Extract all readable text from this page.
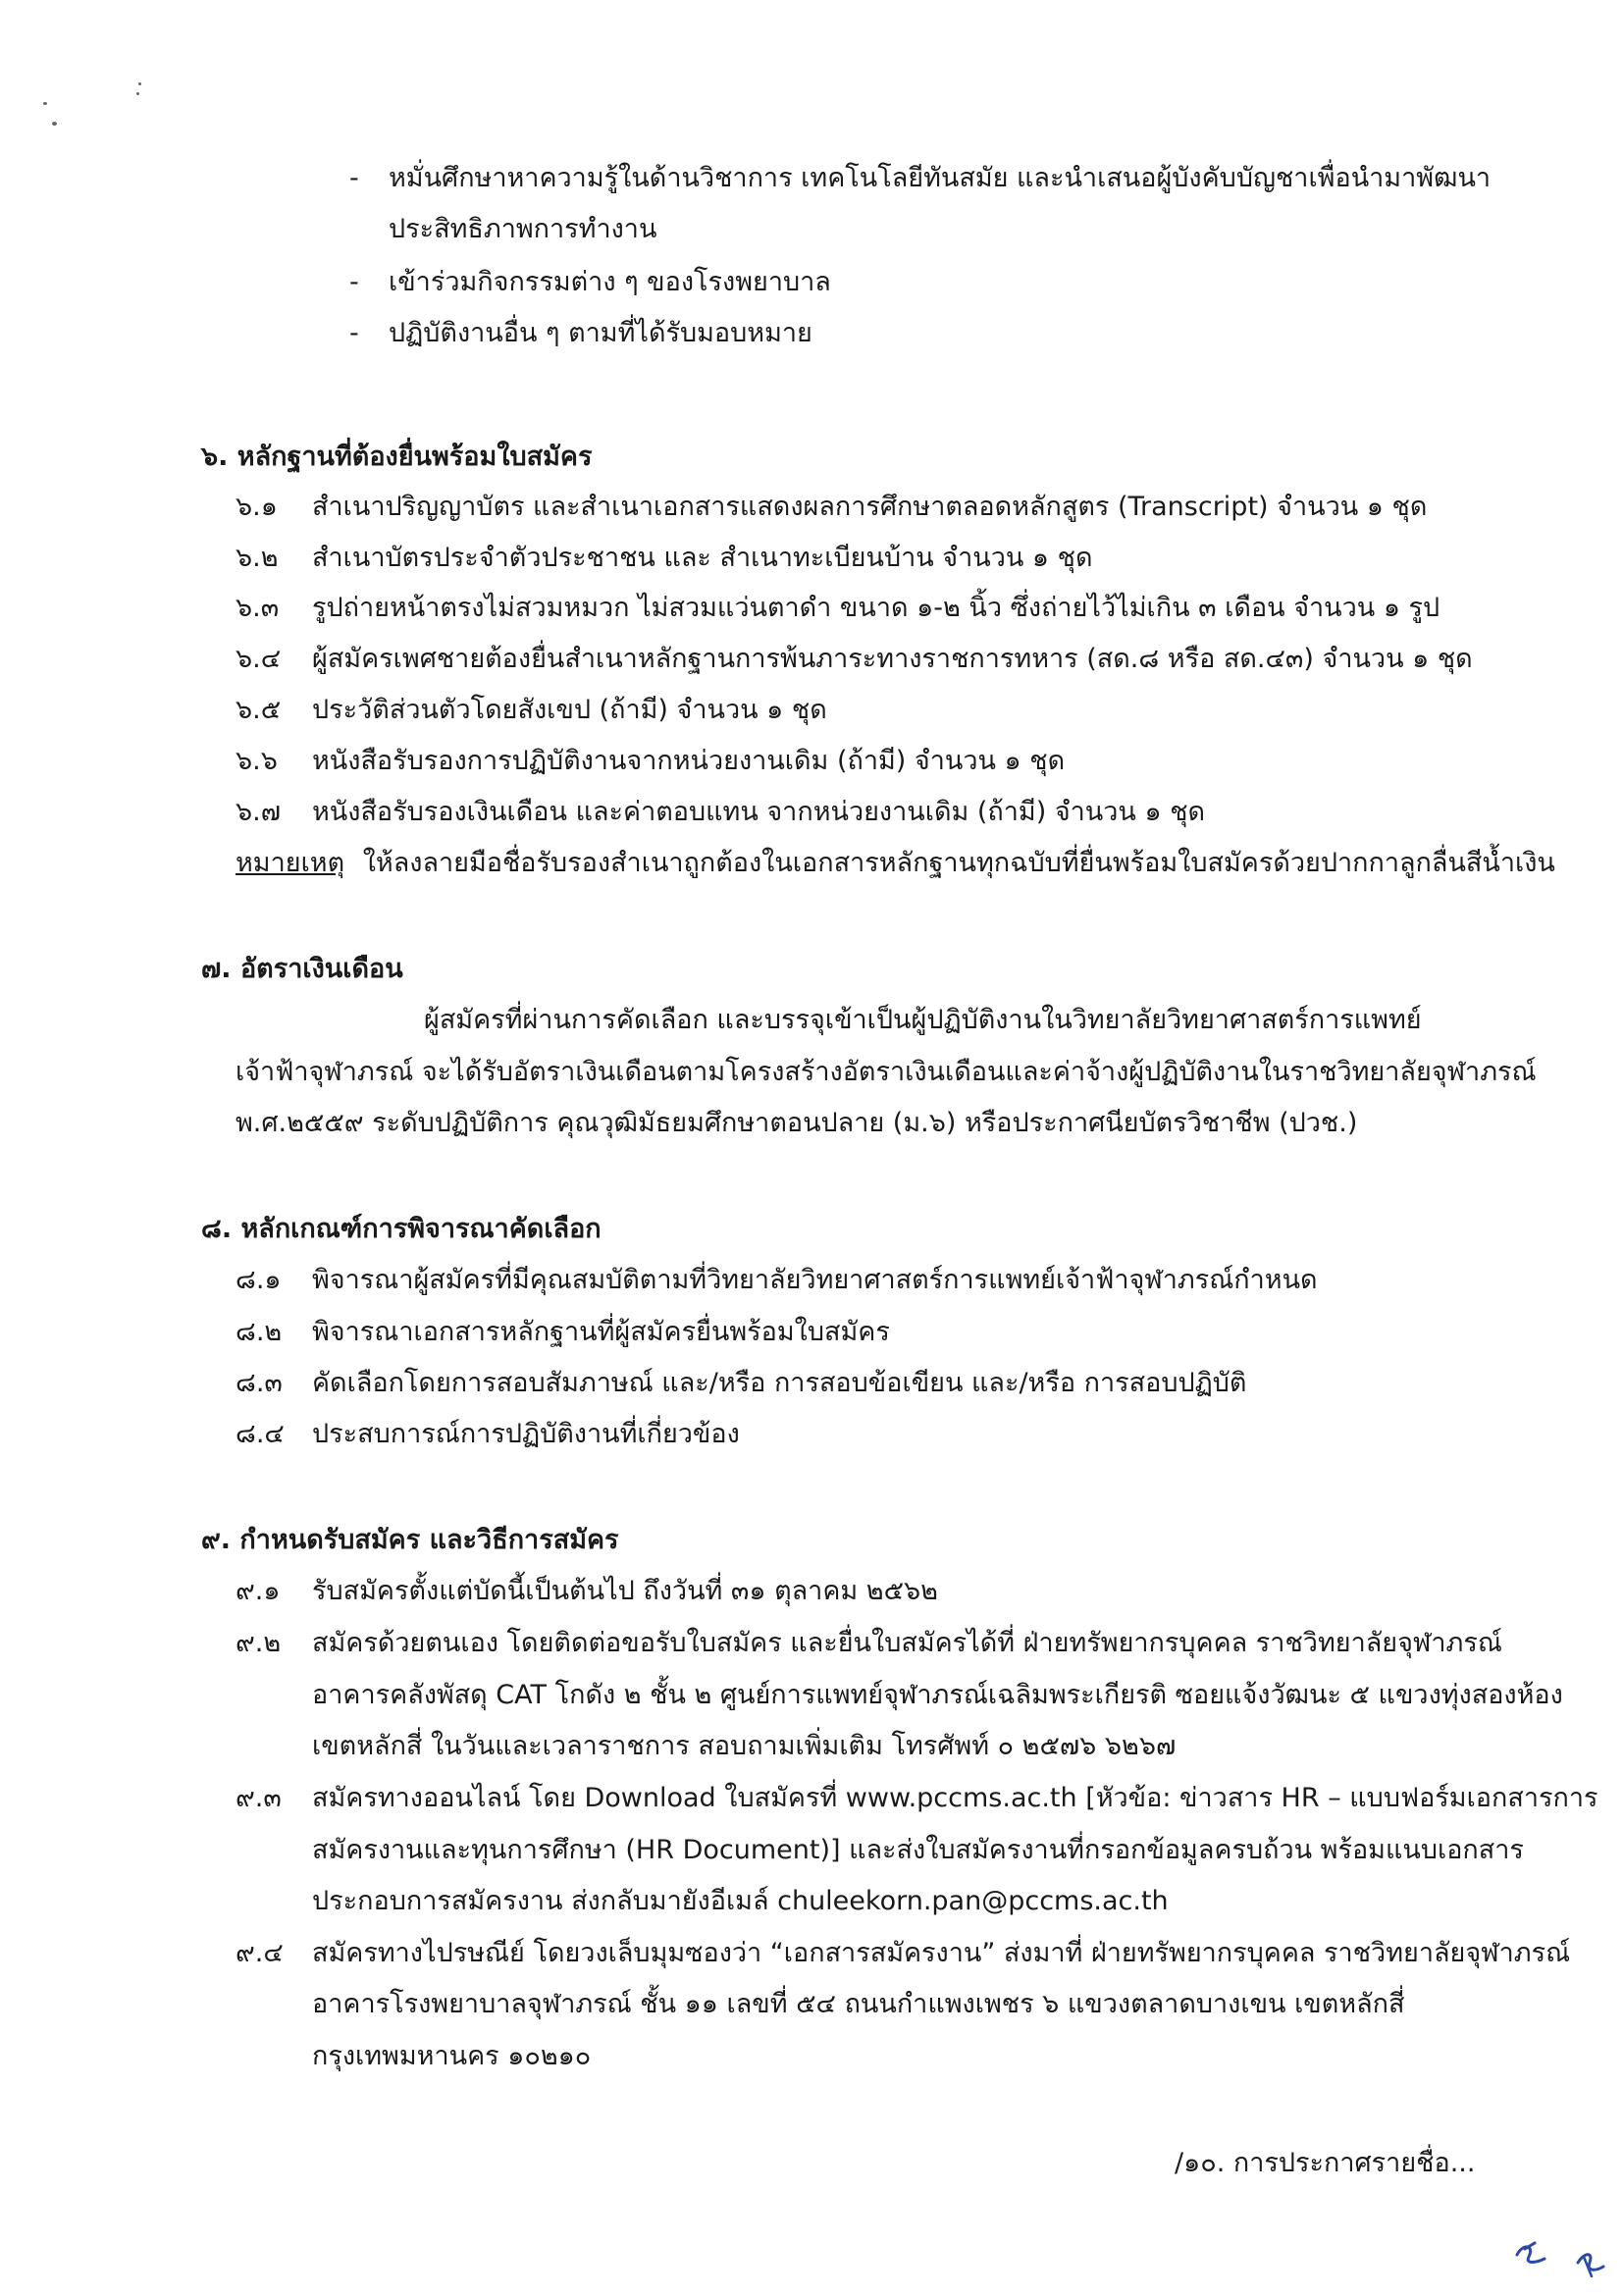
- หมั่นศึกษาหาความรู้ในด้านวิชาการ เทคโนโลยีทันสมัย และนำเสนอผู้บังคับบัญชาเพื่อนำมาพัฒนา
ประสิทธิภาพการทำงาน
- เข้าร่วมกิจกรรมต่าง ๆ ของโรงพยาบาล
- ปฏิบัติงานอื่น ๆ ตามที่ได้รับมอบหมาย
๖. หลักฐานที่ต้องยื่นพร้อมใบสมัคร
๖.๑ สำเนาปริญญาบัตร และสำเนาเอกสารแสดงผลการศึกษาตลอดหลักสูตร (Transcript) จำนวน ๑ ชุด
๖.๒ สำเนาบัตรประจำตัวประชาชน และ สำเนาทะเบียนบ้าน จำนวน ๑ ชุด
๖.๓ รูปถ่ายหน้าตรงไม่สวมหมวก ไม่สวมแว่นตาดำ ขนาด ๑-๒ นิ้ว ซึ่งถ่ายไว้ไม่เกิน ๓ เดือน จำนวน ๑ รูป
๖.๔ ผู้สมัครเพศชายต้องยื่นสำเนาหลักฐานการพ้นภาระทางราชการทหาร (สด.๘ หรือ สด.๔๓) จำนวน ๑ ชุด
๖.๕ ประวัติส่วนตัวโดยสังเขป (ถ้ามี) จำนวน ๑ ชุด
๖.๖ หนังสือรับรองการปฏิบัติงานจากหน่วยงานเดิม (ถ้ามี) จำนวน ๑ ชุด
๖.๗ หนังสือรับรองเงินเดือน และค่าตอบแทน จากหน่วยงานเดิม (ถ้ามี) จำนวน ๑ ชุด
หมายเหตุ ให้ลงลายมือชื่อรับรองสำเนาถูกต้องในเอกสารหลักฐานทุกฉบับที่ยื่นพร้อมใบสมัครด้วยปากกาลูกลื่นสีน้ำเงิน
๗. อัตราเงินเดือน
ผู้สมัครที่ผ่านการคัดเลือก และบรรจุเข้าเป็นผู้ปฏิบัติงานในวิทยาลัยวิทยาศาสตร์การแพทย์
เจ้าฟ้าจุฬาภรณ์ จะได้รับอัตราเงินเดือนตามโครงสร้างอัตราเงินเดือนและค่าจ้างผู้ปฏิบัติงานในราชวิทยาลัยจุฬาภรณ์
พ.ศ.๒๕๕๙ ระดับปฏิบัติการ คุณวุฒิมัธยมศึกษาตอนปลาย (ม.๖) หรือประกาศนียบัตรวิชาชีพ (ปวช.)
๘. หลักเกณฑ์การพิจารณาคัดเลือก
๘.๑ พิจารณาผู้สมัครที่มีคุณสมบัติตามที่วิทยาลัยวิทยาศาสตร์การแพทย์เจ้าฟ้าจุฬาภรณ์กำหนด
๘.๒ พิจารณาเอกสารหลักฐานที่ผู้สมัครยื่นพร้อมใบสมัคร
๘.๓ คัดเลือกโดยการสอบสัมภาษณ์ และ/หรือ การสอบข้อเขียน และ/หรือ การสอบปฏิบัติ
๘.๔ ประสบการณ์การปฏิบัติงานที่เกี่ยวข้อง
๙. กำหนดรับสมัคร และวิธีการสมัคร
๙.๑ รับสมัครตั้งแต่บัดนี้เป็นต้นไป ถึงวันที่ ๓๑ ตุลาคม ๒๕๖๒
๙.๒ สมัครด้วยตนเอง โดยติดต่อขอรับใบสมัคร และยื่นใบสมัครได้ที่ ฝ่ายทรัพยากรบุคคล ราชวิทยาลัยจุฬาภรณ์
อาคารคลังพัสดุ CAT โกดัง ๒ ชั้น ๒ ศูนย์การแพทย์จุฬาภรณ์เฉลิมพระเกียรติ ซอยแจ้งวัฒนะ ๕ แขวงทุ่งสองห้อง
เขตหลักสี่ ในวันและเวลาราชการ สอบถามเพิ่มเติม โทรศัพท์ ๐ ๒๕๗๖ ๖๒๖๗
๙.๓ สมัครทางออนไลน์ โดย Download ใบสมัครที่ www.pccms.ac.th [หัวข้อ: ข่าวสาร HR – แบบฟอร์มเอกสารการ
สมัครงานและทุนการศึกษา (HR Document)] และส่งใบสมัครงานที่กรอกข้อมูลครบถ้วน พร้อมแนบเอกสาร
ประกอบการสมัครงาน ส่งกลับมายังอีเมล์ chuleekorn.pan@pccms.ac.th
๙.๔ สมัครทางไปรษณีย์ โดยวงเล็บมุมซองว่า “เอกสารสมัครงาน” ส่งมาที่ ฝ่ายทรัพยากรบุคคล ราชวิทยาลัยจุฬาภรณ์
อาคารโรงพยาบาลจุฬาภรณ์ ชั้น ๑๑ เลขที่ ๕๔ ถนนกำแพงเพชร ๖ แขวงตลาดบางเขน เขตหลักสี่
กรุงเทพมหานคร ๑๐๒๑๐
/๑๐. การประกาศรายชื่อ...
